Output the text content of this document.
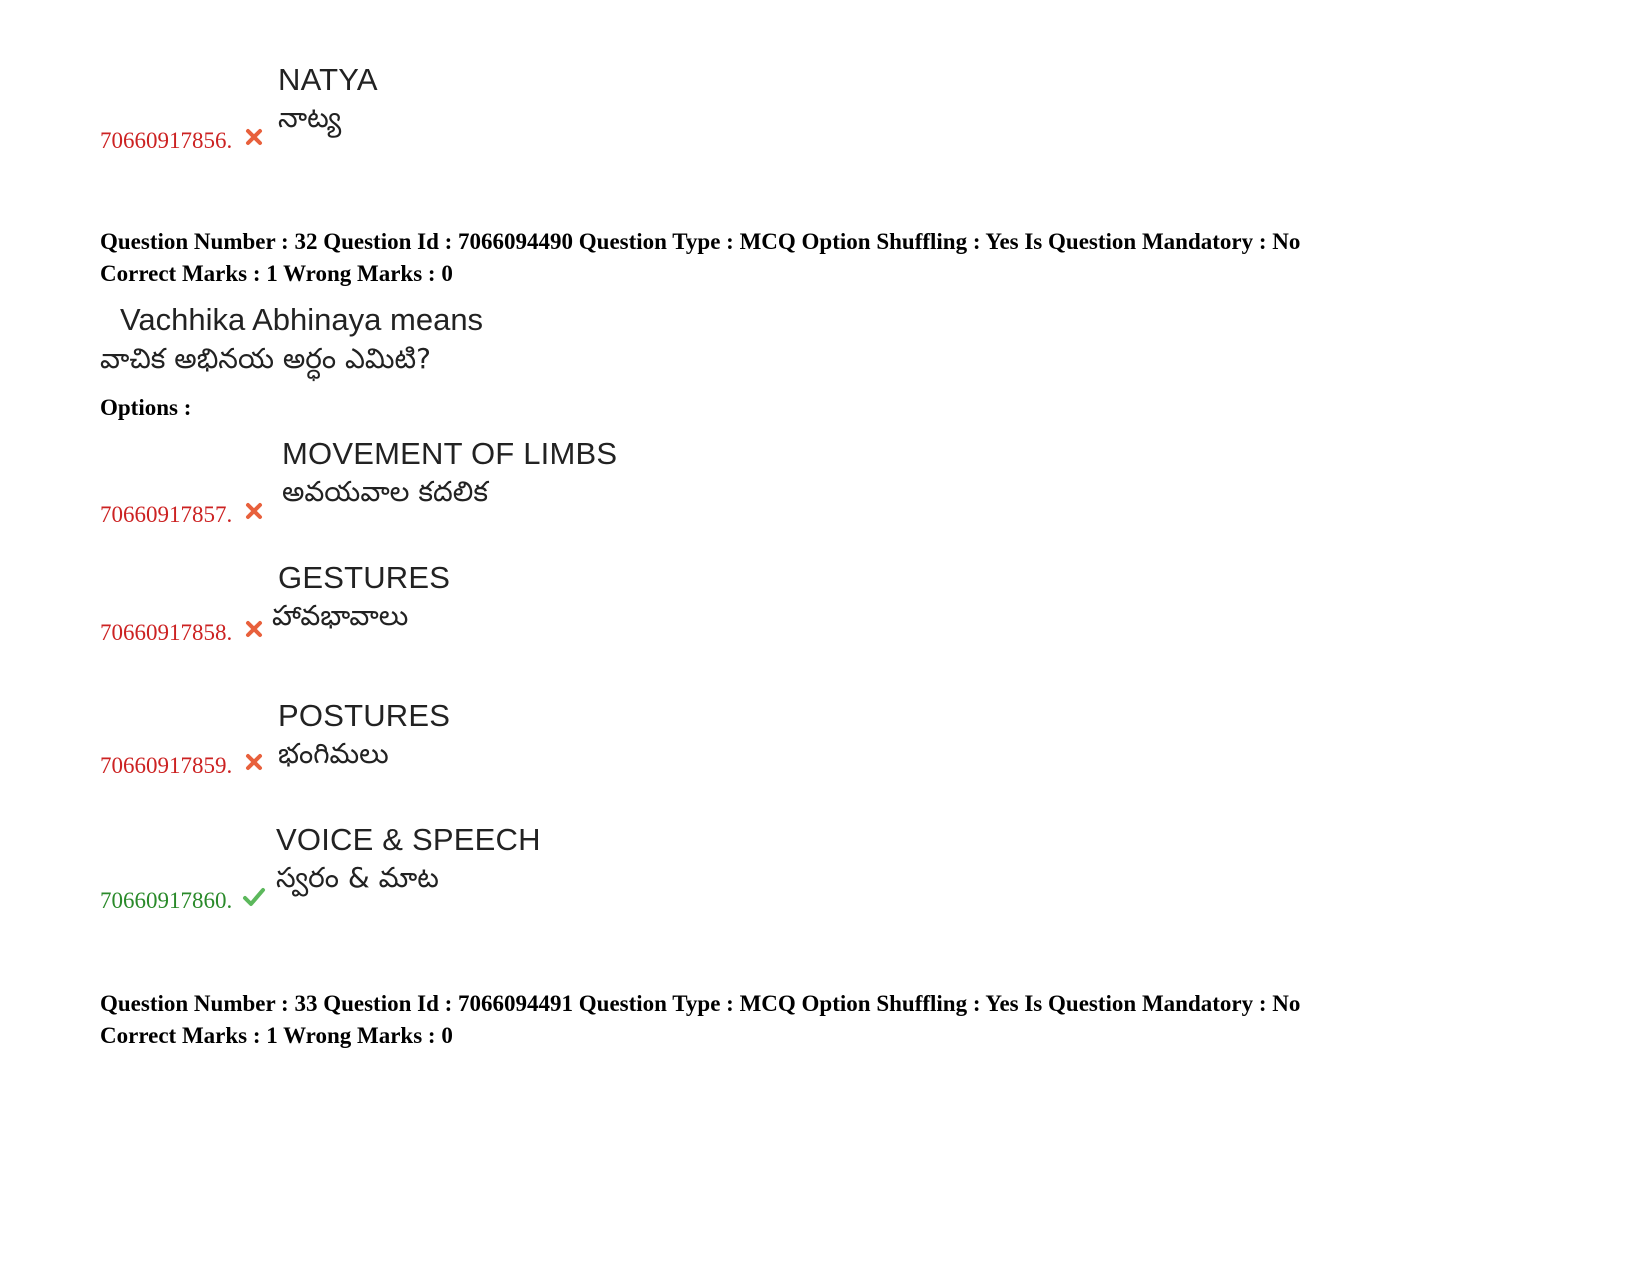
NATYA
నాట్య
70660917856.
Question Number : 32 Question Id : 7066094490 Question Type : MCQ Option Shuffling : Yes Is Question Mandatory : No
Correct Marks : 1 Wrong Marks : 0
Vachhika Abhinaya means
వాచిక అభినయ అర్ధం ఎమిటి?
Options :
MOVEMENT OF LIMBS
అవయవాల కదలిక
70660917857.
GESTURES
హావభావాలు
70660917858.
POSTURES
భంగిమలు
70660917859.
VOICE & SPEECH
స్వరం & మాట
70660917860.
Question Number : 33 Question Id : 7066094491 Question Type : MCQ Option Shuffling : Yes Is Question Mandatory : No
Correct Marks : 1 Wrong Marks : 0
